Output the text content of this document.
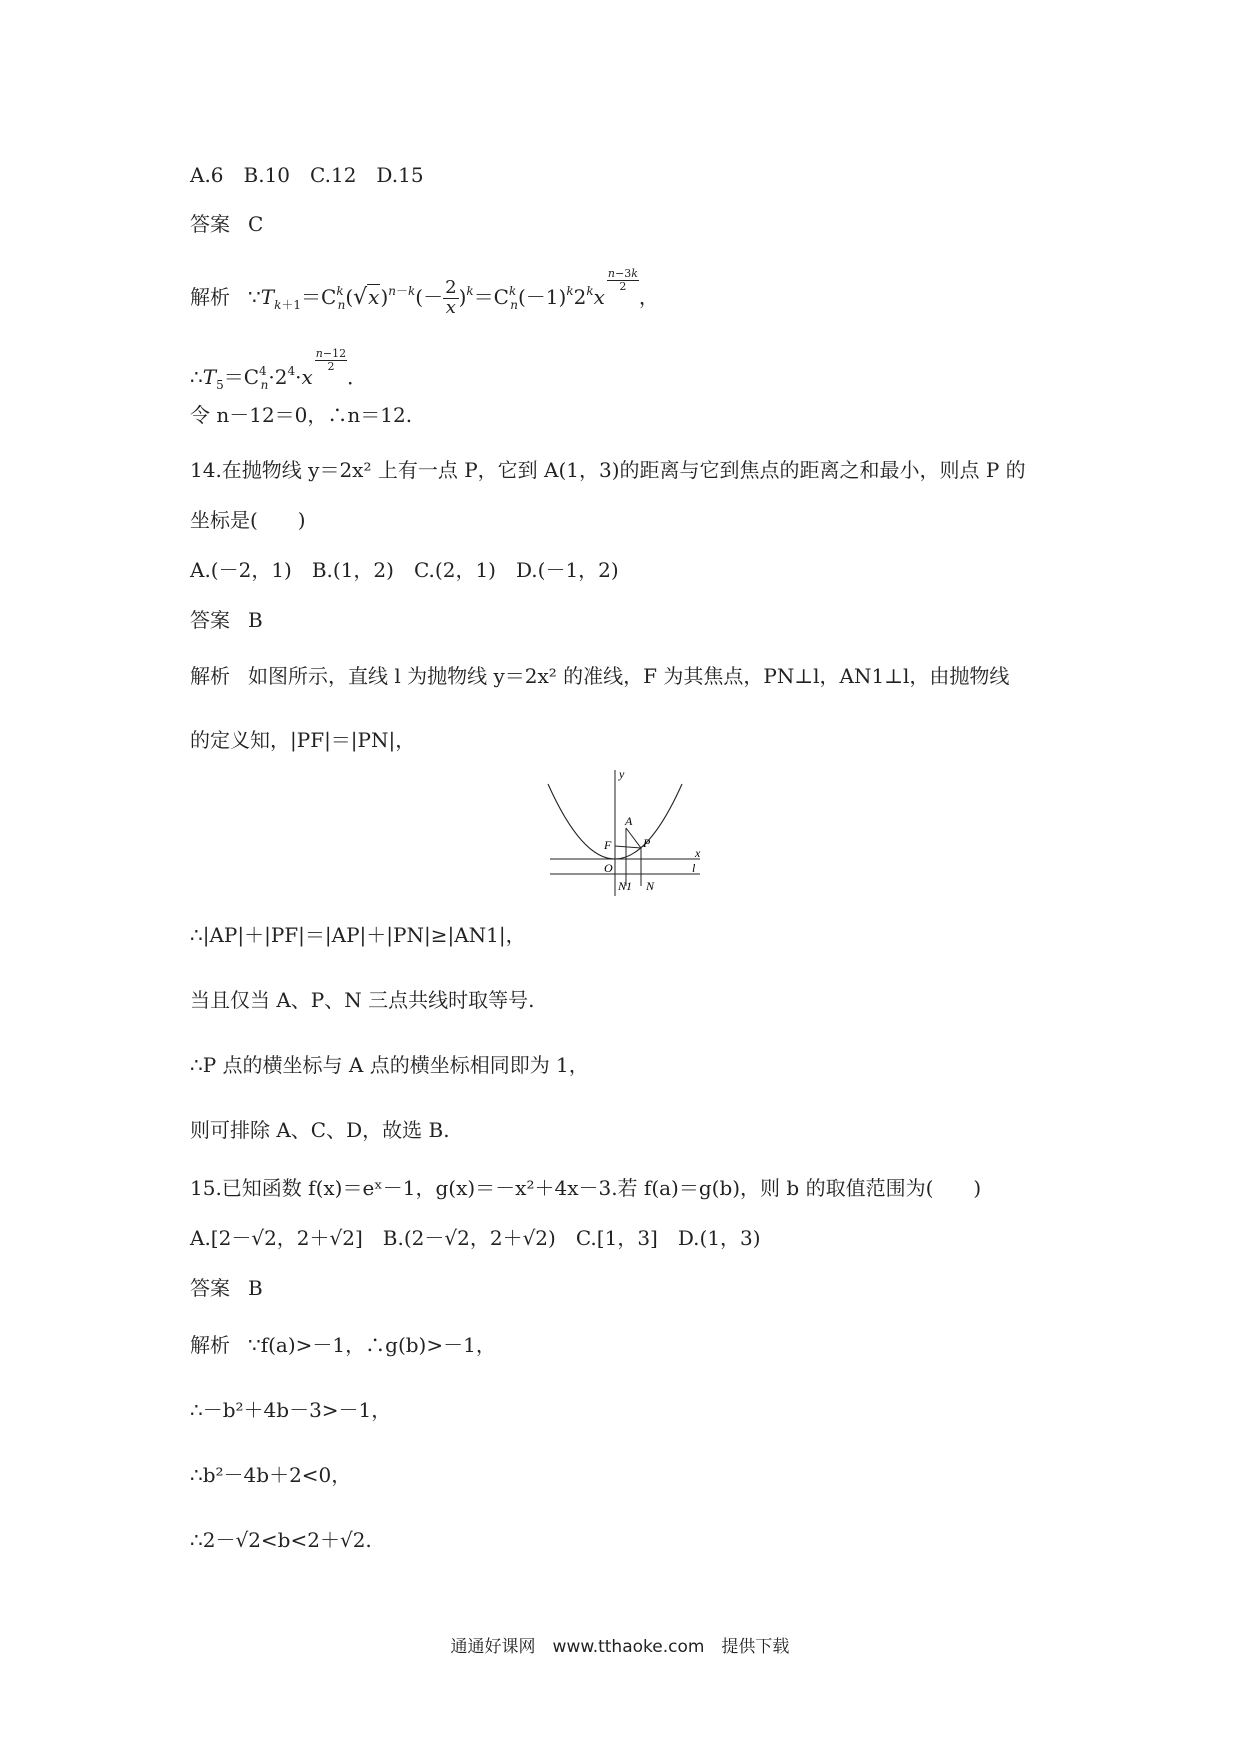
A.6　B.10　C.12　D.15
答案 C
解析 $\because T_{k+1}=C^k_n(√x)^{n-k}(- \frac{2}{x} )^k=C^k_n(-1)^k2^kx$
$\frac{n-3k}{2}$
，
$\therefore T_5=C^4_n\cdot 2^4\cdot x$
$\frac{n-12}{2}$
．
令 n－12＝0，∴n＝12.
14.在抛物线 y＝2x² 上有一点 P，它到 A(1，3)的距离与它到焦点的距离之和最小，则点 P 的
坐标是(　　)
A.(－2，1)　B.(1，2)　C.(2，1)　D.(－1，2)
答案 B
解析 如图所示，直线 l 为抛物线 y＝2x² 的准线，F 为其焦点，PN⊥l，AN1⊥l，由抛物线
的定义知，|PF|＝|PN|，
y
x
l
A
F	P
O
N1 N
∴|AP|＋|PF|＝|AP|＋|PN|≥|AN1|，
当且仅当 A、P、N 三点共线时取等号.
∴P 点的横坐标与 A 点的横坐标相同即为 1，
则可排除 A、C、D，故选 B.
15.已知函数 f(x)＝eˣ－1，g(x)＝－x²＋4x－3.若 f(a)＝g(b)，则 b 的取值范围为(　　)
A.[2－√2，2＋√2]　B.(2－√2，2＋√2)　C.[1，3]　D.(1，3)
答案 B
解析 ∵f(a)>－1，∴g(b)>－1，
∴－b²＋4b－3>－1，
∴b²－4b＋2<0，
∴2－√2<b<2＋√2.
通通好课网　www.tthaoke.com　提供下载
